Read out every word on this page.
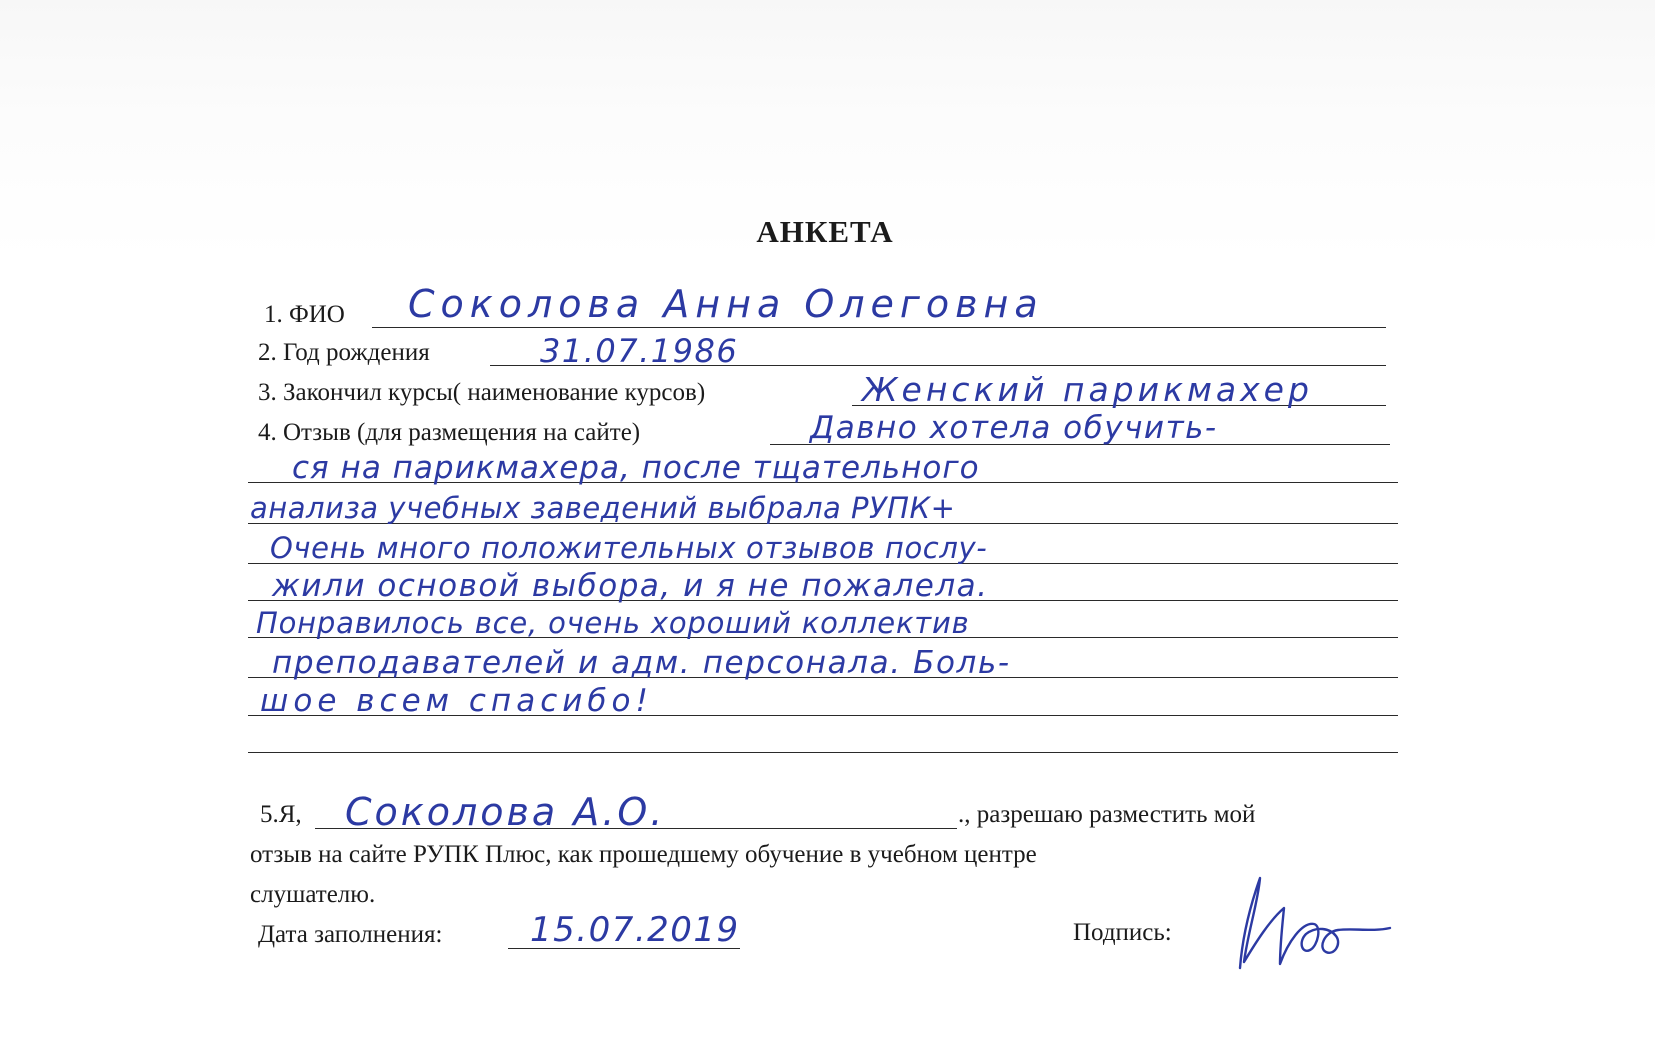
АНКЕТА
1. ФИО Соколова Анна Олеговна
2. Год рождения	31.07.1986
3. Закончил курсы( наименование курсов)	Женский парикмахер
4. Отзыв (для размещения на сайте)	Давно хотела обучить-
ся на парикмахера, после тщательного
анализа учебных заведений выбрала РУПК+
Очень много положительных отзывов послу-
жили основой выбора, и я не пожалела.
Понравилось все, очень хороший коллектив
преподавателей и адм. персонала. Боль-
шое всем спасибо!
5.Я, Соколова А.О.	., разрешаю разместить мой
отзыв на сайте РУПК Плюс, как прошедшему обучение в учебном центре
слушателю.
Дата заполнения:	15.07.2019	Подпись:
